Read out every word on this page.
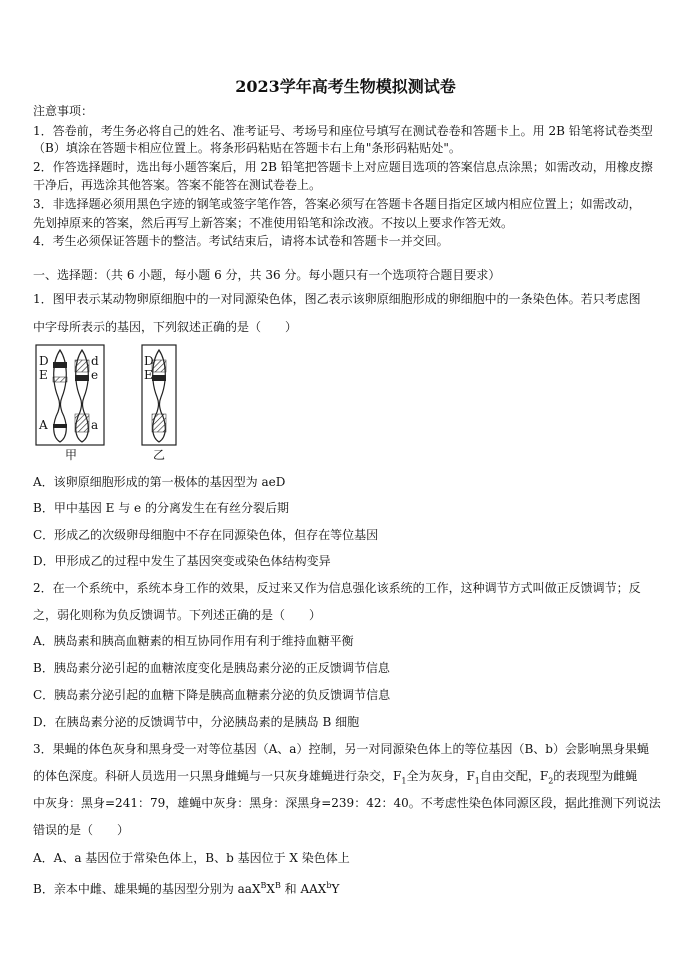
2023学年高考生物模拟测试卷
注意事项：
1．答卷前，考生务必将自己的姓名、准考证号、考场号和座位号填写在测试卷卷和答题卡上。用 2B 铅笔将试卷类型
（B）填涂在答题卡相应位置上。将条形码粘贴在答题卡右上角"条形码粘贴处"。
2．作答选择题时，选出每小题答案后，用 2B 铅笔把答题卡上对应题目选项的答案信息点涂黑；如需改动，用橡皮擦
干净后，再选涂其他答案。答案不能答在测试卷卷上。
3．非选择题必须用黑色字迹的钢笔或签字笔作答，答案必须写在答题卡各题目指定区域内相应位置上；如需改动，
先划掉原来的答案，然后再写上新答案；不准使用铅笔和涂改液。不按以上要求作答无效。
4．考生必须保证答题卡的整洁。考试结束后，请将本试卷和答题卡一并交回。
一、选择题：（共 6 小题，每小题 6 分，共 36 分。每小题只有一个选项符合题目要求）
1．图甲表示某动物卵原细胞中的一对同源染色体，图乙表示该卵原细胞形成的卵细胞中的一条染色体。若只考虑图
中字母所表示的基因，下列叙述正确的是（　　）
D
E
A
d
e
a
D
E
甲	乙
A．该卵原细胞形成的第一极体的基因型为 aeD
B．甲中基因 E 与 e 的分离发生在有丝分裂后期
C．形成乙的次级卵母细胞中不存在同源染色体，但存在等位基因
D．甲形成乙的过程中发生了基因突变或染色体结构变异
2．在一个系统中，系统本身工作的效果，反过来又作为信息强化该系统的工作，这种调节方式叫做正反馈调节；反
之，弱化则称为负反馈调节。下列述正确的是（　　）
A．胰岛素和胰高血糖素的相互协同作用有利于维持血糖平衡
B．胰岛素分泌引起的血糖浓度变化是胰岛素分泌的正反馈调节信息
C．胰岛素分泌引起的血糖下降是胰高血糖素分泌的负反馈调节信息
D．在胰岛素分泌的反馈调节中，分泌胰岛素的是胰岛 B 细胞
3．果蝇的体色灰身和黑身受一对等位基因（A、a）控制，另一对同源染色体上的等位基因（B、b）会影响黑身果蝇
的体色深度。科研人员选用一只黑身雌蝇与一只灰身雄蝇进行杂交，$F_1$全为灰身，$F_1$自由交配，$F_2$的表现型为雌蝇
中灰身：黑身=241：79，雄蝇中灰身：黑身：深黑身=239：42：40。不考虑性染色体同源区段，据此推测下列说法
错误的是（　　）
A．A、a 基因位于常染色体上，B、b 基因位于 X 染色体上
B．亲本中雌、雄果蝇的基因型分别为 $aaX^BX^B$ 和 AAX$^b$Y
